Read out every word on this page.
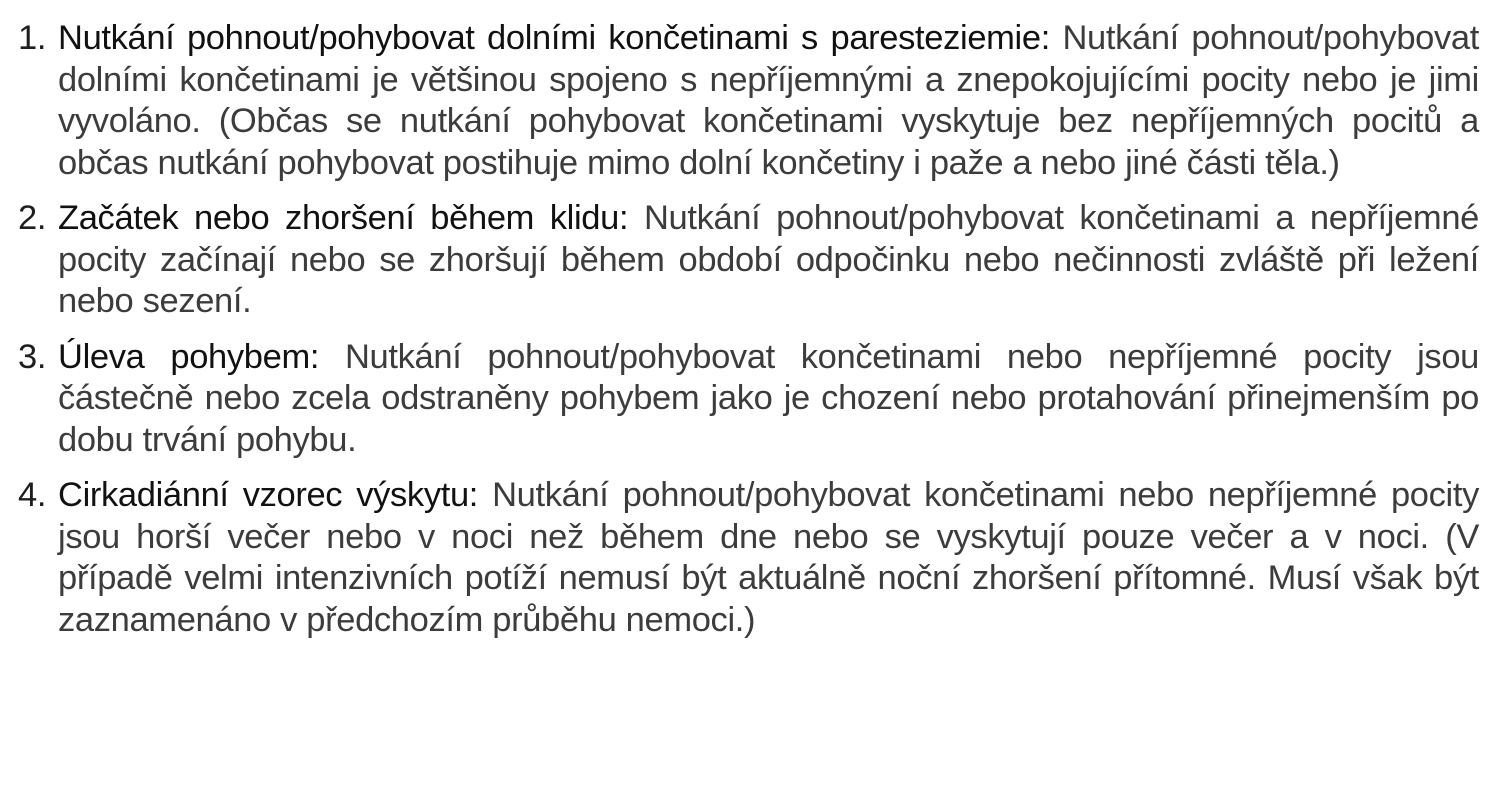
1. Nutkání pohnout/pohybovat dolními končetinami s paresteziemie: Nutkání pohnout/pohybovat dolními končetinami je většinou spojeno s nepříjemnými a znepokojujícími pocity nebo je jimi vyvoláno. (Občas se nutkání pohybovat končetinami vyskytuje bez nepříjemných pocitů a občas nutkání pohybovat postihuje mimo dolní končetiny i paže a nebo jiné části těla.)
2. Začátek nebo zhoršení během klidu: Nutkání pohnout/pohybovat končetinami a nepříjemné pocity začínají nebo se zhoršují během období odpočinku nebo nečinnosti zvláště při ležení nebo sezení.
3. Úleva pohybem: Nutkání pohnout/pohybovat končetinami nebo nepříjemné pocity jsou částečně nebo zcela odstraněny pohybem jako je chození nebo protahování přinejmenším po dobu trvání pohybu.
4. Cirkadiánní vzorec výskytu: Nutkání pohnout/pohybovat končetinami nebo nepříjemné pocity jsou horší večer nebo v noci než během dne nebo se vyskytují pouze večer a v noci. (V případě velmi intenzivních potíží nemusí být aktuálně noční zhoršení přítomné. Musí však být zaznamenáno v předchozím průběhu nemoci.)
